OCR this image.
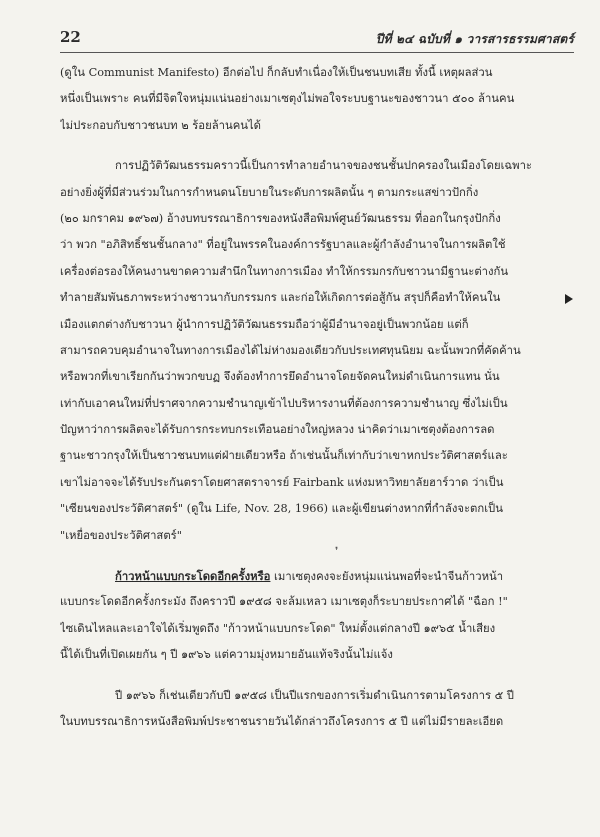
22	ปีที่ ๒๔ ฉบับที่ ๑ วารสารธรรมศาสตร์
(ดูใน Communist Manifesto) อีกต่อไป ก็กลับทำเนื่องให้เป็นชนบทเสีย ทั้งนี้ เหตุผลส่วน
หนึ่งเป็นเพราะ คนที่มีจิตใจหนุ่มแน่นอย่างเมาเซตุงไม่พอใจระบบฐานะของชาวนา ๕๐๐ ล้านคน
ไม่ประกอบกับชาวชนบท ๒ ร้อยล้านคนได้
การปฏิวัติวัฒนธรรมคราวนี้เป็นการทำลายอำนาจของชนชั้นปกครองในเมืองโดยเฉพาะ
อย่างยิ่งผู้ที่มีส่วนร่วมในการกำหนดนโยบายในระดับการผลิตนั้น ๆ ตามกระแสข่าวปักกิ่ง
(๒๐ มกราคม ๑๙๖๗) อ้างบทบรรณาธิการของหนังสือพิมพ์ศูนย์วัฒนธรรม ที่ออกในกรุงปักกิ่ง
ว่า พวก "อภิสิทธิ์ชนชั้นกลาง" ที่อยู่ในพรรคในองค์การรัฐบาลและผู้กำลังอำนาจในการผลิตใช้
เครื่องต่อรองให้คนงานขาดความสำนึกในทางการเมือง ทำให้กรรมกรกับชาวนามีฐานะต่างกัน
ทำลายสัมพันธภาพระหว่างชาวนากับกรรมกร และก่อให้เกิดการต่อสู้กัน สรุปก็คือทำให้คนใน
เมืองแตกต่างกับชาวนา ผู้นำการปฏิวัติวัฒนธรรมถือว่าผู้มีอำนาจอยู่เป็นพวกน้อย แต่ก็
สามารถควบคุมอำนาจในทางการเมืองได้ไม่ห่างมองเดียวกับประเทศทุนนิยม ฉะนั้นพวกที่คัดค้าน
หรือพวกที่เขาเรียกกันว่าพวกขบฏ จึงต้องทำการยึดอำนาจโดยจัดคนใหม่ดำเนินการแทน นั่น
เท่ากับเอาคนใหม่ที่ปราศจากความชำนาญเข้าไปบริหารงานที่ต้องการความชำนาญ ซึ่งไม่เป็น
ปัญหาว่าการผลิตจะได้รับการกระทบกระเทือนอย่างใหญ่หลวง น่าคิดว่าเมาเซตุงต้องการลด
ฐานะชาวกรุงให้เป็นชาวชนบทแต่ฝ่ายเดียวหรือ ถ้าเช่นนั้นก็เท่ากับว่าเขาหกประวัติศาสตร์และ
เขาไม่อาจจะได้รับประกันตราโดยศาสตราจารย์ Fairbank แห่งมหาวิทยาลัยฮาร์วาด ว่าเป็น
"เซียนของประวัติศาสตร์" (ดูใน Life, Nov. 28, 1966) และผู้เขียนต่างหากที่กำลังจะตกเป็น
"เหยื่อของประวัติศาสตร์"
ก้าวหน้าแบบกระโดดอีกครั้งหรือ เมาเซตุงคงจะยังหนุ่มแน่นพอที่จะนำจีนก้าวหน้า
แบบกระโดดอีกครั้งกระมัง ถึงคราวปี ๑๙๕๘ จะล้มเหลว เมาเซตุงก็ระบายประกาศได้ "ฉือก !"
ไซเดินไหลและเอาใจได้เริ่มพูดถึง "ก้าวหน้าแบบกระโดด" ใหม่ตั้งแต่กลางปี ๑๙๖๕ น้ำเสียง
นี้ได้เป็นที่เปิดเผยกัน ๆ ปี ๑๙๖๖ แต่ความมุ่งหมายอันแท้จริงนั้นไม่แจ้ง
ปี ๑๙๖๖ ก็เช่นเดียวกับปี ๑๙๕๘ เป็นปีแรกของการเริ่มดำเนินการตามโครงการ ๕ ปี
ในบทบรรณาธิการหนังสือพิมพ์ประชาชนรายวันได้กล่าวถึงโครงการ ๕ ปี แต่ไม่มีรายละเอียด
❜
